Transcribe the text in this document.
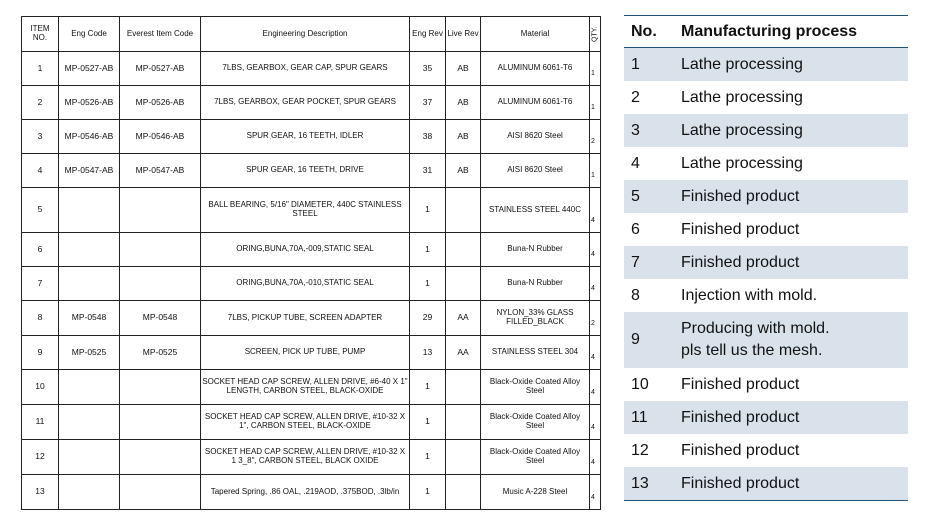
ITEM NO.	Eng Code	Everest Item Code	Engineering Description	Eng Rev	Live Rev	Material	QTY.
1	MP-0527-AB	MP-0527-AB	7LBS, GEARBOX, GEAR CAP, SPUR GEARS	35	AB	ALUMINUM 6061-T6	1
2	MP-0526-AB	MP-0526-AB	7LBS, GEARBOX, GEAR POCKET, SPUR GEARS	37	AB	ALUMINUM 6061-T6	1
3	MP-0546-AB	MP-0546-AB	SPUR GEAR, 16 TEETH, IDLER	38	AB	AISI 8620 Steel	2
4	MP-0547-AB	MP-0547-AB	SPUR GEAR, 16 TEETH, DRIVE	31	AB	AISI 8620 Steel	1
5			BALL BEARING, 5/16" DIAMETER, 440C STAINLESS STEEL	1		STAINLESS STEEL 440C	4
6			ORING,BUNA,70A,-009,STATIC SEAL	1		Buna-N Rubber	4
7			ORING,BUNA,70A,-010,STATIC SEAL	1		Buna-N Rubber	4
8	MP-0548	MP-0548	7LBS, PICKUP TUBE, SCREEN ADAPTER	29	AA	NYLON_33% GLASS FILLED_BLACK	2
9	MP-0525	MP-0525	SCREEN, PICK UP TUBE, PUMP	13	AA	STAINLESS STEEL 304	4
10			SOCKET HEAD CAP SCREW, ALLEN DRIVE, #6-40 X 1" LENGTH, CARBON STEEL, BLACK-OXIDE	1		Black-Oxide Coated Alloy Steel	4
11			SOCKET HEAD CAP SCREW, ALLEN DRIVE, #10-32 X 1", CARBON STEEL, BLACK-OXIDE	1		Black-Oxide Coated Alloy Steel	4
12			SOCKET HEAD CAP SCREW, ALLEN DRIVE, #10-32 X 1 3_8", CARBON STEEL, BLACK OXIDE	1		Black-Oxide Coated Alloy Steel	4
13			Tapered Spring, .86 OAL, .219AOD, .375BOD, .3lb/in	1		Music A-228 Steel	4
No.	Manufacturing process
1	Lathe processing

2	Lathe processing

3	Lathe processing

4	Lathe processing

5	Finished product

6	Finished product

7	Finished product

8	Injection with mold.

9	Producing with mold.
pls tell us the mesh.

10	Finished product

11	Finished product

12	Finished product

13	Finished product
